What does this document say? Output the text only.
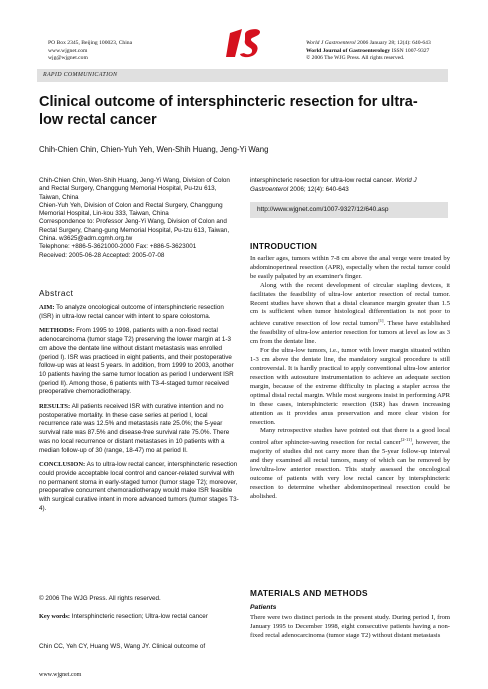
PO Box 2345, Beijing 100023, China
www.wjgnet.com
wjg@wjgnet.com
World J Gastroenterol 2006 January 28; 12(4): 640-643
World Journal of Gastroenterology ISSN 1007-9327
© 2006 The WJG Press. All rights reserved.
RAPID COMMUNICATION
Clinical outcome of intersphincteric resection for ultra-low rectal cancer
Chih-Chien Chin, Chien-Yuh Yeh, Wen-Shih Huang, Jeng-Yi Wang

Chih-Chien Chin, Wen-Shih Huang, Jeng-Yi Wang, Division of Colon and Rectal Surgery, Changgung Memorial Hospital, Pu-tzu 613, Taiwan, China

Chien-Yuh Yeh, Division of Colon and Rectal Surgery, Changgung Memorial Hospital, Lin-kou 333, Taiwan, China

Correspondence to: Professor Jeng-Yi Wang, Division of Colon and Rectal Surgery, Chang-gung Memorial Hospital, Pu-tzu 613, Taiwan, China. w3625@adm.cgmh.org.tw

Telephone: +886-5-3621000-2000 Fax: +886-5-3623001

Received: 2005-06-28 Accepted: 2005-07-08

Abstract

AIM: To analyze oncological outcome of intersphincteric resection (ISR) in ultra-low rectal cancer with intent to spare colostoma.

METHODS: From 1995 to 1998, patients with a non-fixed rectal adenocarcinoma (tumor stage T2) preserving the lower margin at 1-3 cm above the dentate line without distant metastasis was enrolled (period I). ISR was practiced in eight patients, and their postoperative follow-up was at least 5 years. In addition, from 1999 to 2003, another 10 patients having the same tumor location as period I underwent ISR (period II). Among those, 6 patients with T3-4-staged tumor received preoperative chemoradiotherapy.

RESULTS: All patients received ISR with curative intention and no postoperative mortality. In these case series at period I, local recurrence rate was 12.5% and metastasis rate 25.0%; the 5-year survival rate was 87.5% and disease-free survival rate 75.0%. There was no local recurrence or distant metastases in 10 patients with a median follow-up of 30 (range, 18-47) mo at period II.

CONCLUSION: As to ultra-low rectal cancer, intersphincteric resection could provide acceptable local control and cancer-related survival with no permanent stoma in early-staged tumor (tumor stage T2); moreover, preoperative concurrent chemoradiotherapy would make ISR feasible with surgical curative intent in more advanced tumors (tumor stages T3-4).

© 2006 The WJG Press. All rights reserved.
Key words: Intersphincteric resection; Ultra-low rectal cancer
Chin CC, Yeh CY, Huang WS, Wang JY. Clinical outcome of
www.wjgnet.com
intersphincteric resection for ultra-low rectal cancer. World J Gastroenterol 2006; 12(4): 640-643
http://www.wjgnet.com/1007-9327/12/640.asp
INTRODUCTION

In earlier ages, tumors within 7-8 cm above the anal verge were treated by abdominoperineal resection (APR), especially when the rectal tumor could be easily palpated by an examiner's finger.

Along with the recent development of circular stapling devices, it facilitates the feasibility of ultra-low anterior resection of rectal tumor. Recent studies have shown that a distal clearance margin greater than 1.5 cm is sufficient when tumor histological differentiation is not poor to achieve curative resection of low rectal tumors[1]. These have established the feasibility of ultra-low anterior resection for tumors at level as low as 3 cm from the dentate line.

For the ultra-low tumors, i.e., tumor with lower margin situated within 1-3 cm above the dentate line, the mandatory surgical procedure is still controversial. It is hardly practical to apply conventional ultra-low anterior resection with autosuture instrumentation to achieve an adequate section margin, because of the extreme difficulty in placing a stapler across the optimal distal rectal margin. While most surgeons insist in performing APR in these cases, intersphincteric resection (ISR) has drawn increasing attention as it provides anus preservation and more clear vision for resection.

Many retrospective studies have pointed out that there is a good local control after sphincter-saving resection for rectal cancer[2-11], however, the majority of studies did not carry more than the 5-year follow-up interval and they examined all rectal tumors, many of which can be removed by low/ultra-low anterior resection. This study assessed the oncological outcome of patients with very low rectal cancer by intersphincteric resection to determine whether abdominoperineal resection could be abolished.

MATERIALS AND METHODS
Patients

There were two distinct periods in the present study. During period I, from January 1995 to December 1998, eight consecutive patients having a non-fixed rectal adenocarcinoma (tumor stage T2) without distant metastasis
